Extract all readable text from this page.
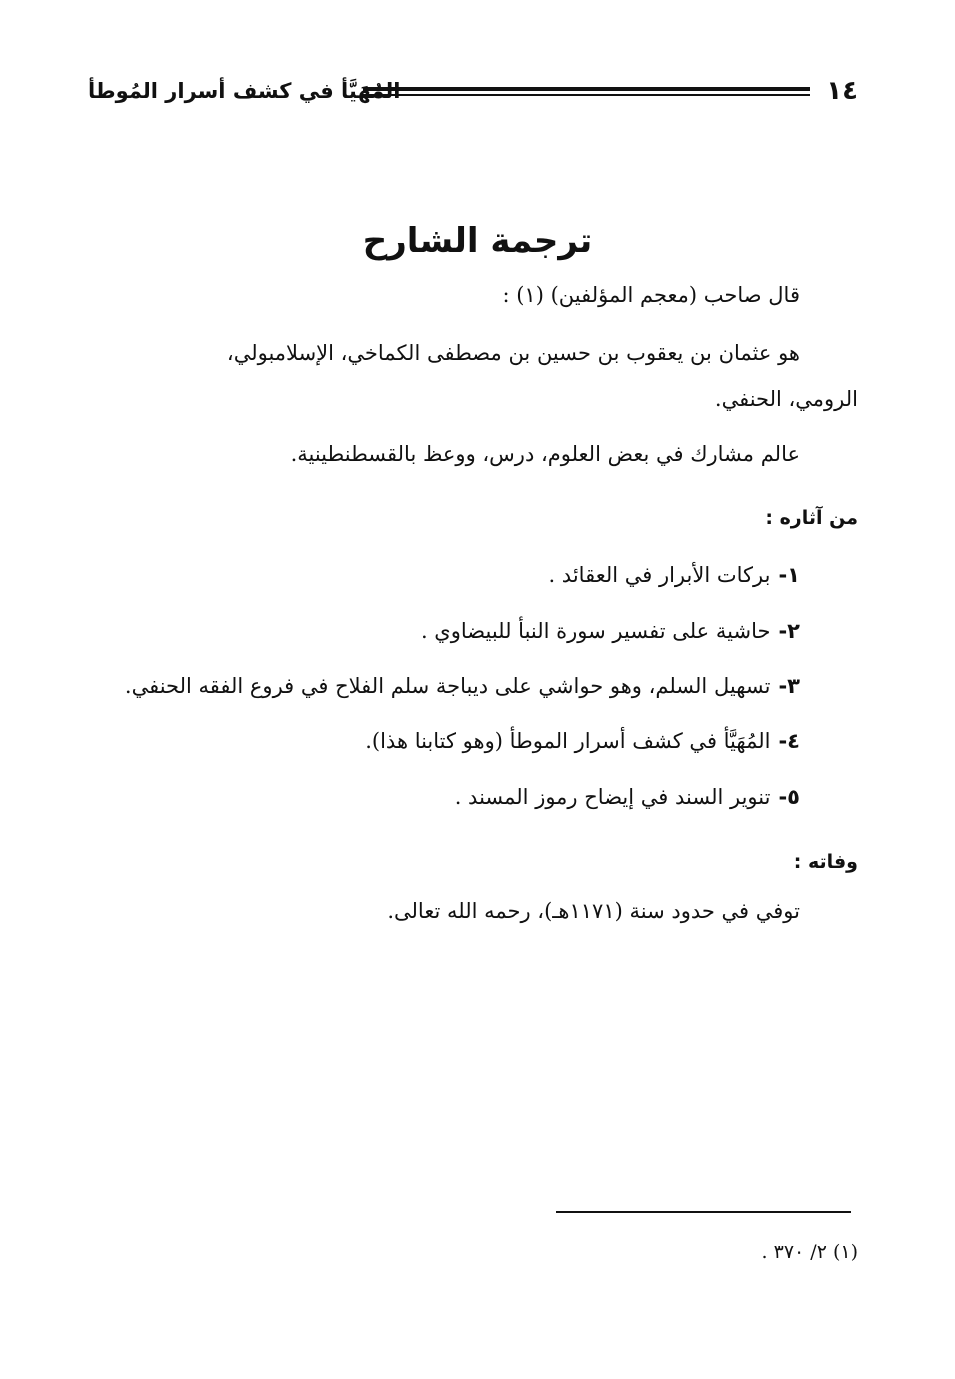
١٤
المُهَيَّأ في كشف أسرار المُوطأ
ترجمة الشارح
قال صاحب (معجم المؤلفين) (١) :
هو عثمان بن يعقوب بن حسين بن مصطفى الكماخي، الإسلامبولي،
الرومي، الحنفي.
عالم مشارك في بعض العلوم، درس، ووعظ بالقسطنطينية.
من آثاره :
١-بركات الأبرار في العقائد .
٢-حاشية على تفسير سورة النبأ للبيضاوي .
٣-تسهيل السلم، وهو حواشي على ديباجة سلم الفلاح في فروع الفقه الحنفي.
٤-المُهَيَّأ في كشف أسرار الموطأ (وهو كتابنا هذا).
٥-تنوير السند في إيضاح رموز المسند .
وفاته :
توفي في حدود سنة (١١٧١هـ)، رحمه الله تعالى.
(١) ٢/ ٣٧٠ .
